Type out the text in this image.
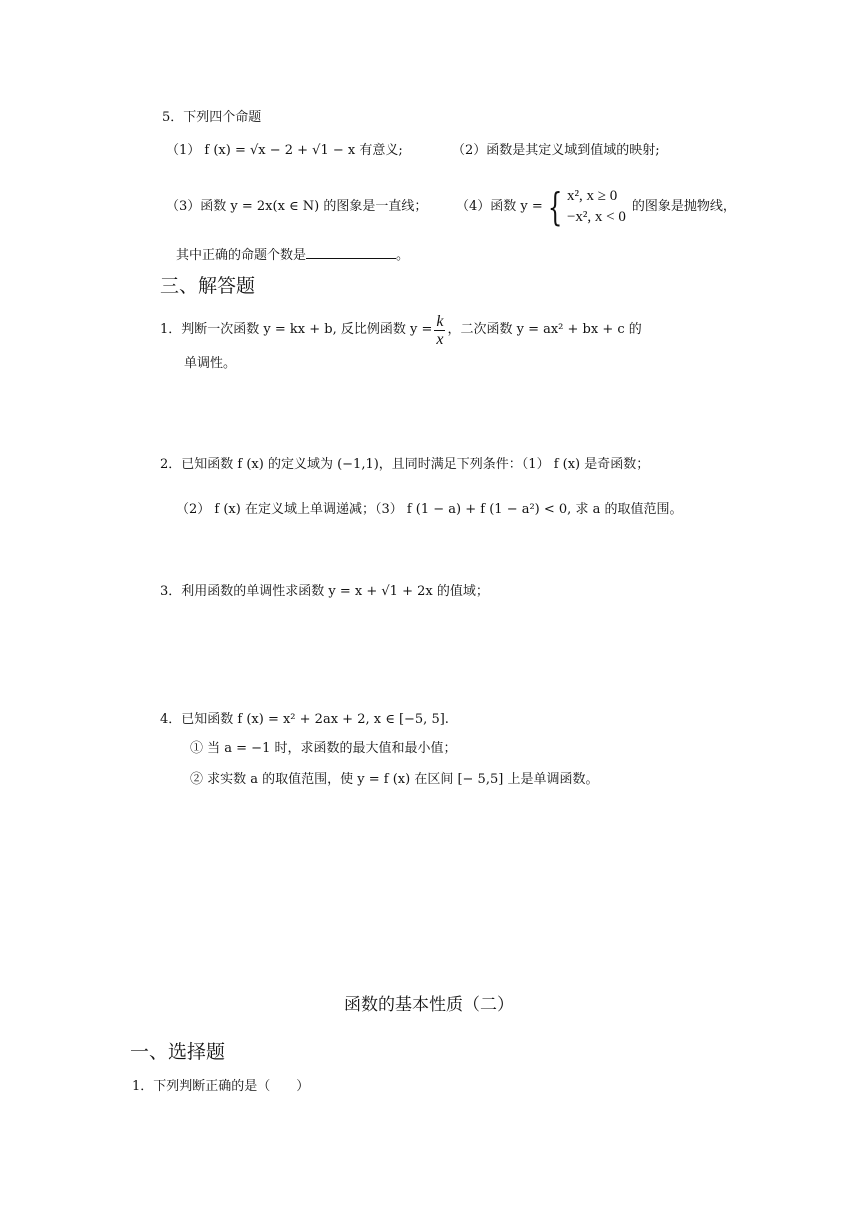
5．下列四个命题
（1） f (x) = √x − 2 + √1 − x 有意义;	（2）函数是其定义域到值域的映射;
（3）函数 y = 2x(x ∈ N) 的图象是一直线； （4）函数 y = { x², x ≥ 0
−x², x < 0
的图象是抛物线，
其中正确的命题个数是	。
三、解答题
1．判断一次函数 y = kx + b, 反比例函数 $y = \frac{k}{x}$ ，二次函数 y = ax² + bx + c 的
单调性。
2．已知函数 f (x) 的定义域为 (−1,1)，且同时满足下列条件：（1） f (x) 是奇函数；
（2） f (x) 在定义域上单调递减；（3） f (1 − a) + f (1 − a²) < 0, 求 a 的取值范围。
3．利用函数的单调性求函数 y = x + √1 + 2x 的值域；
4．已知函数 f (x) = x² + 2ax + 2, x ∈ [−5, 5].
① 当 a = −1 时，求函数的最大值和最小值；
② 求实数 a 的取值范围，使 y = f (x) 在区间 [− 5,5] 上是单调函数。
函数的基本性质（二）
一、选择题
1．下列判断正确的是（　　）
